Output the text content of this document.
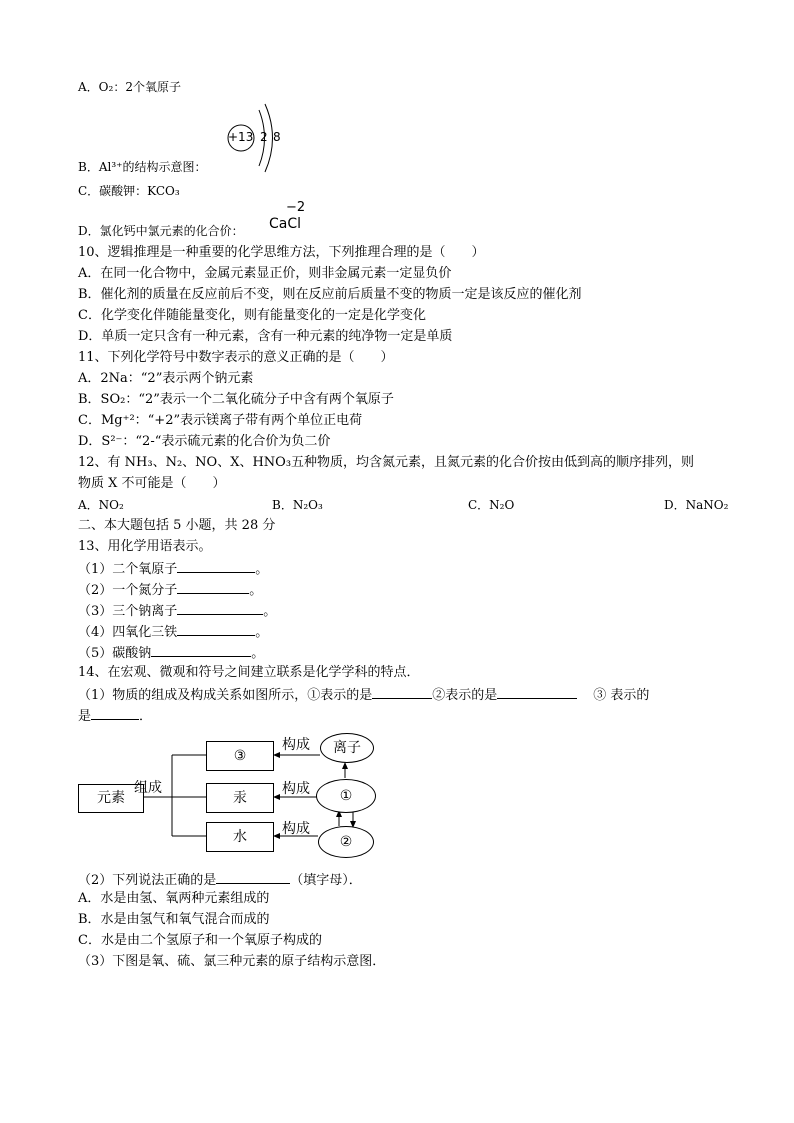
A．O₂：2个氧原子
+13 2 8
B．Al³⁺的结构示意图：
C．碳酸钾：KCO₃
−2
D．氯化钙中氯元素的化合价： CaCl
10、逻辑推理是一种重要的化学思维方法，下列推理合理的是（　　）
A．在同一化合物中，金属元素显正价，则非金属元素一定显负价
B．催化剂的质量在反应前后不变，则在反应前后质量不变的物质一定是该反应的催化剂
C．化学变化伴随能量变化，则有能量变化的一定是化学变化
D．单质一定只含有一种元素，含有一种元素的纯净物一定是单质
11、下列化学符号中数字表示的意义正确的是（　　）
A．2Na：“2”表示两个钠元素
B．SO₂：“2”表示一个二氧化硫分子中含有两个氧原子
C．Mg⁺²：“+2”表示镁离子带有两个单位正电荷
D．S²⁻：“2-“表示硫元素的化合价为负二价
12、有 NH₃、N₂、NO、X、HNO₃五种物质，均含氮元素，且氮元素的化合价按由低到高的顺序排列，则
物质 X 不可能是（　　）
A．NO₂	B．N₂O₃	C．N₂O	D．NaNO₂
二、本大题包括 5 小题，共 28 分
13、用化学用语表示。
（1）二个氧原子	。
（2）一个氮分子	。
（3）三个钠离子	。
（4）四氧化三铁	。
（5）碳酸钠	。
14、在宏观、微观和符号之间建立联系是化学学科的特点．
（1）物质的组成及构成关系如图所示，①表示的是	②表示的是	③ 表示的
是	．
元素
组成
③
汞
水
构成
构成
构成
离子
①
②
（2）下列说法正确的是	（填字母）．
A．水是由氢、氧两种元素组成的
B．水是由氢气和氧气混合而成的
C．水是由二个氢原子和一个氧原子构成的
（3）下图是氧、硫、氯三种元素的原子结构示意图．
